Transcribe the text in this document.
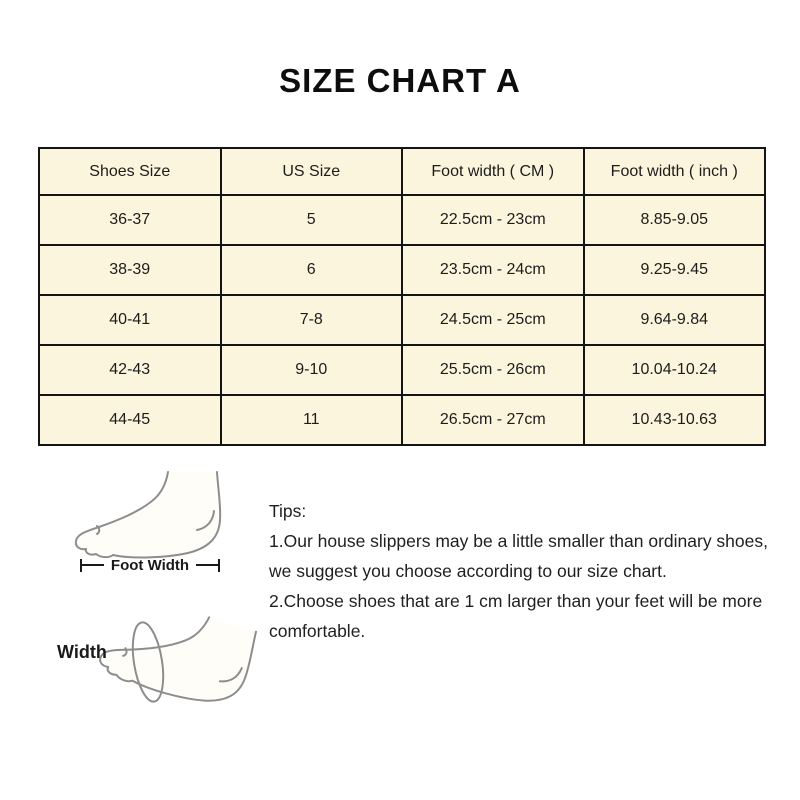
SIZE CHART A
Shoes Size	US Size	Foot width ( CM )	Foot width ( inch )
36-37	5	22.5cm - 23cm	8.85-9.05
38-39	6	23.5cm - 24cm	9.25-9.45
40-41	7-8	24.5cm - 25cm	9.64-9.84
42-43	9-10	25.5cm - 26cm	10.04-10.24
44-45	11	26.5cm - 27cm	10.43-10.63
Foot Width
Width

Tips:

1.Our house slippers may be a little smaller than ordinary shoes, we suggest you choose according to our size chart.

2.Choose shoes that are 1 cm larger than your feet will be more comfortable.
